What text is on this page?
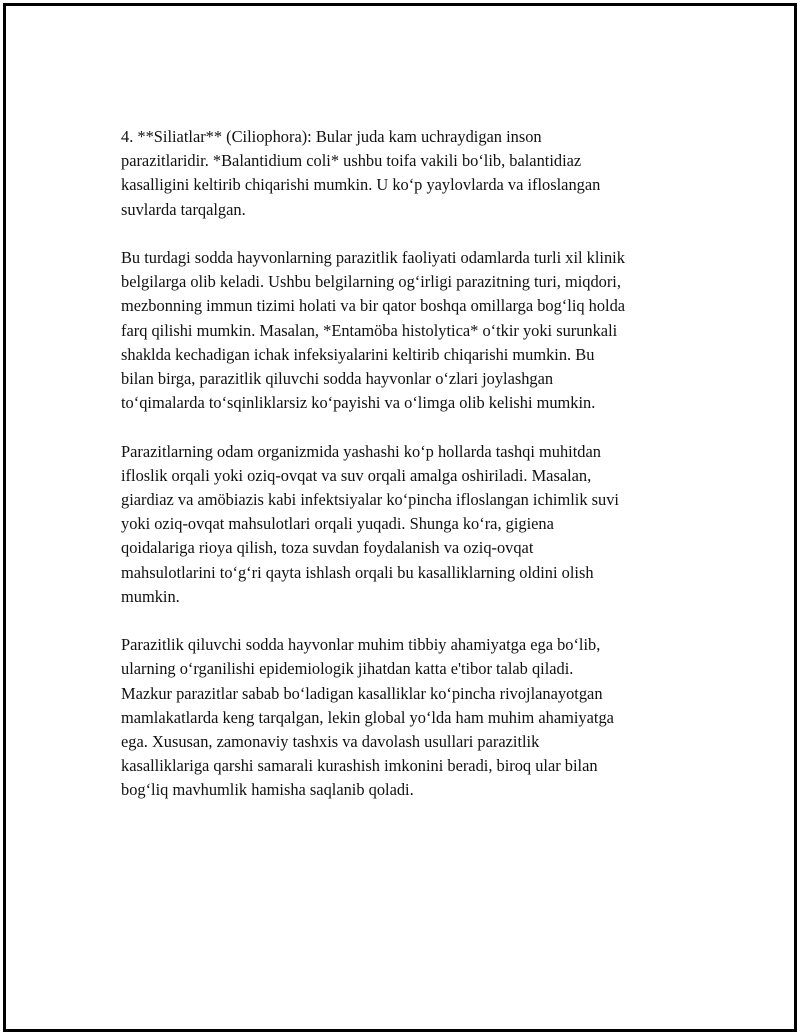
4. **Siliatlar** (Ciliophora): Bular juda kam uchraydigan inson
parazitlaridir. *Balantidium coli* ushbu toifa vakili bo‘lib, balantidiaz
kasalligini keltirib chiqarishi mumkin. U ko‘p yaylovlarda va ifloslangan
suvlarda tarqalgan.

Bu turdagi sodda hayvonlarning parazitlik faoliyati odamlarda turli xil klinik
belgilarga olib keladi. Ushbu belgilarning og‘irligi parazitning turi, miqdori,
mezbonning immun tizimi holati va bir qator boshqa omillarga bog‘liq holda
farq qilishi mumkin. Masalan, *Entamöba histolytica* o‘tkir yoki surunkali
shaklda kechadigan ichak infeksiyalarini keltirib chiqarishi mumkin. Bu
bilan birga, parazitlik qiluvchi sodda hayvonlar o‘zlari joylashgan
to‘qimalarda to‘sqinliklarsiz ko‘payishi va o‘limga olib kelishi mumkin.

Parazitlarning odam organizmida yashashi ko‘p hollarda tashqi muhitdan
ifloslik orqali yoki oziq-ovqat va suv orqali amalga oshiriladi. Masalan,
giardiaz va amöbiazis kabi infektsiyalar ko‘pincha ifloslangan ichimlik suvi
yoki oziq-ovqat mahsulotlari orqali yuqadi. Shunga ko‘ra, gigiena
qoidalariga rioya qilish, toza suvdan foydalanish va oziq-ovqat
mahsulotlarini to‘g‘ri qayta ishlash orqali bu kasalliklarning oldini olish
mumkin.

Parazitlik qiluvchi sodda hayvonlar muhim tibbiy ahamiyatga ega bo‘lib,
ularning o‘rganilishi epidemiologik jihatdan katta e'tibor talab qiladi.
Mazkur parazitlar sabab bo‘ladigan kasalliklar ko‘pincha rivojlanayotgan
mamlakatlarda keng tarqalgan, lekin global yo‘lda ham muhim ahamiyatga
ega. Xususan, zamonaviy tashxis va davolash usullari parazitlik
kasalliklariga qarshi samarali kurashish imkonini beradi, biroq ular bilan
bog‘liq mavhumlik hamisha saqlanib qoladi.
